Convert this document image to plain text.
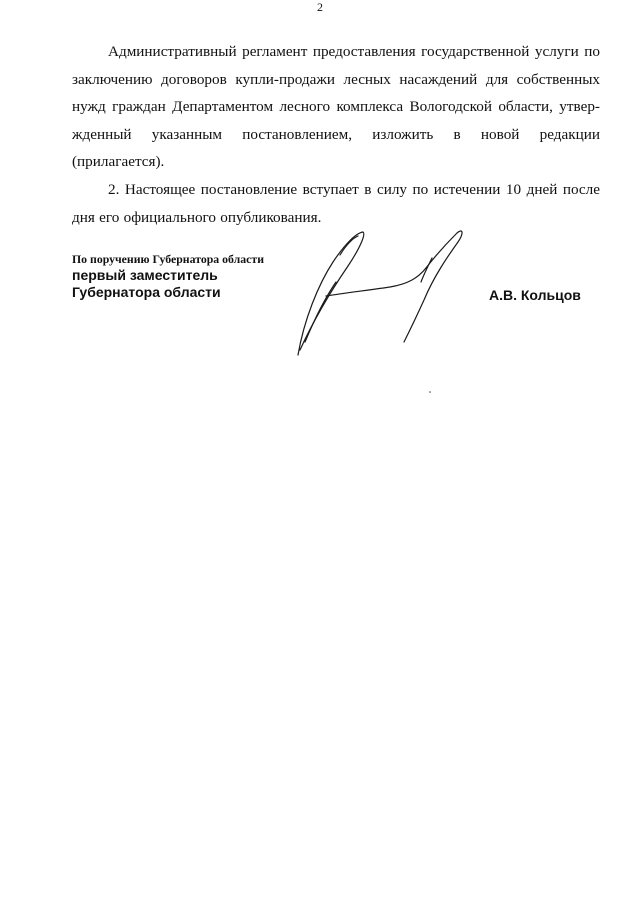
2

Административный регламент предоставления государственной услуги по заключению договоров купли-продажи лесных насаждений для собственных нужд граждан Департаментом лесного комплекса Вологодской области, утвер-жденный указанным постановлением, изложить в новой редакции (прилагается).

2. Настоящее постановление вступает в силу по истечении 10 дней после дня его официального опубликования.

По поручению Губернатора области
первый заместитель
Губернатора области	А.В. Кольцов
